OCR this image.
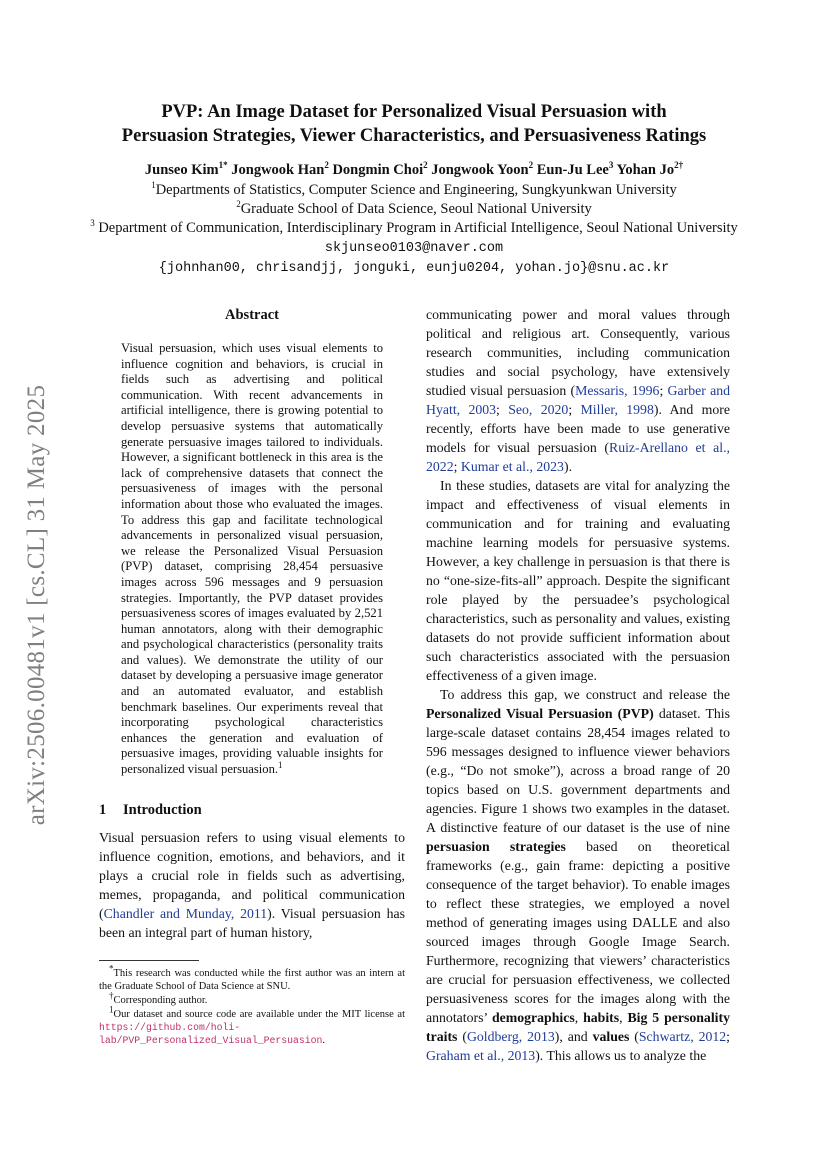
PVP: An Image Dataset for Personalized Visual Persuasion with
Persuasion Strategies, Viewer Characteristics, and Persuasiveness Ratings
Junseo Kim$^{1*}$ Jongwook Han$^2$ Dongmin Choi$^2$ Jongwook Yoon$^2$ Eun-Ju Lee$^3$ Yohan $Jo^{2\dagger}$
$^1$Departments of Statistics, Computer Science and Engineering, Sungkyunkwan University
$^2$Graduate School of Data Science, Seoul National University
$^3$ Department of Communication, Interdisciplinary Program in Artificial Intelligence, Seoul National University
skjunseo0103@naver.com
{johnhan00, chrisandjj, jonguki, eunju0204, yohan.jo}@snu.ac.kr
arXiv:2506.00481v1 [cs.CL] 31 May 2025
Abstract

Visual persuasion, which uses visual elements to influence cognition and behaviors, is crucial in fields such as advertising and political communication. With recent advancements in artificial intelligence, there is growing potential to develop persuasive systems that automatically generate persuasive images tailored to individuals. However, a significant bottleneck in this area is the lack of comprehensive datasets that connect the persuasiveness of images with the personal information about those who evaluated the images. To address this gap and facilitate technological advancements in personalized visual persuasion, we release the Personalized Visual Persuasion (PVP) dataset, comprising 28,454 persuasive images across 596 messages and 9 persuasion strategies. Importantly, the PVP dataset provides persuasiveness scores of images evaluated by 2,521 human annotators, along with their demographic and psychological characteristics (personality traits and values). We demonstrate the utility of our dataset by developing a persuasive image generator and an automated evaluator, and establish benchmark baselines. Our experiments reveal that incorporating psychological characteristics enhances the generation and evaluation of persuasive images, providing valuable insights for personalized visual persuasion.$^1$

1 Introduction

Visual persuasion refers to using visual elements to influence cognition, emotions, and behaviors, and it plays a crucial role in fields such as advertising, memes, propaganda, and political communication (Chandler and Munday, 2011). Visual persuasion has been an integral part of human history,

*This research was conducted while the first author was an intern at the Graduate School of Data Science at SNU.

†Corresponding author.

$^1$Our dataset and source code are available under the MIT license at https://github.com/holi-lab/PVP_Personalized_Visual_Persuasion.

communicating power and moral values through political and religious art. Consequently, various research communities, including communication studies and social psychology, have extensively studied visual persuasion (Messaris, 1996; Garber and Hyatt, 2003; Seo, 2020; Miller, 1998). And more recently, efforts have been made to use generative models for visual persuasion (Ruiz-Arellano et al., 2022; Kumar et al., 2023).

In these studies, datasets are vital for analyzing the impact and effectiveness of visual elements in communication and for training and evaluating machine learning models for persuasive systems. However, a key challenge in persuasion is that there is no “one-size-fits-all” approach. Despite the significant role played by the persuadee’s psychological characteristics, such as personality and values, existing datasets do not provide sufficient information about such characteristics associated with the persuasion effectiveness of a given image.

To address this gap, we construct and release the Personalized Visual Persuasion (PVP) dataset. This large-scale dataset contains 28,454 images related to 596 messages designed to influence viewer behaviors (e.g., “Do not smoke”), across a broad range of 20 topics based on U.S. government departments and agencies. Figure 1 shows two examples in the dataset. A distinctive feature of our dataset is the use of nine persuasion strategies based on theoretical frameworks (e.g., gain frame: depicting a positive consequence of the target behavior). To enable images to reflect these strategies, we employed a novel method of generating images using DALLE and also sourced images through Google Image Search. Furthermore, recognizing that viewers’ characteristics are crucial for persuasion effectiveness, we collected persuasiveness scores for the images along with the annotators’ demographics, habits, Big 5 personality traits (Goldberg, 2013), and values (Schwartz, 2012; Graham et al., 2013). This allows us to analyze the
